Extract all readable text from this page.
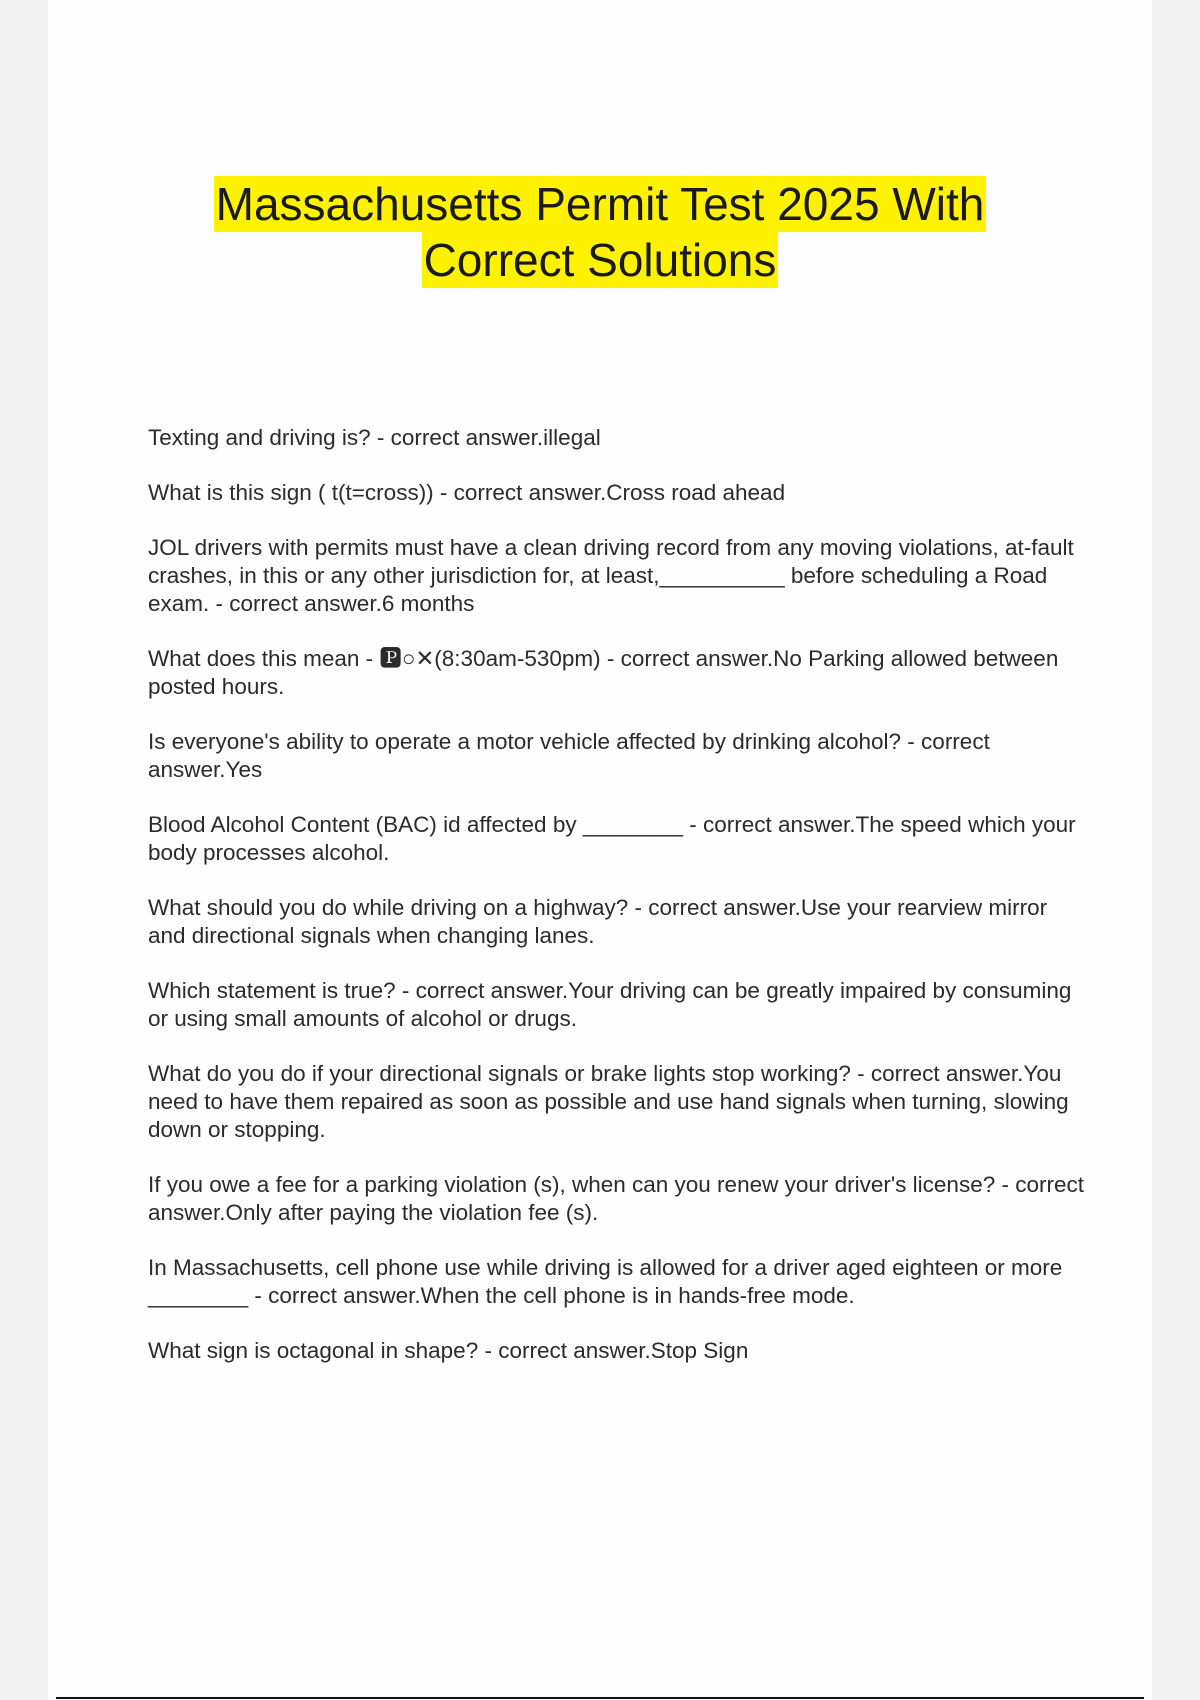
Massachusetts Permit Test 2025 With
Correct Solutions

Texting and driving is? - correct answer.illegal

What is this sign ( t(t=cross)) - correct answer.Cross road ahead

JOL drivers with permits must have a clean driving record from any moving violations, at-fault crashes, in this or any other jurisdiction for, at least,__________ before scheduling a Road exam. - correct answer.6 months

What does this mean - 🅿○✕(8:30am-530pm) - correct answer.No Parking allowed between posted hours.

Is everyone's ability to operate a motor vehicle affected by drinking alcohol? - correct answer.Yes

Blood Alcohol Content (BAC) id affected by ________ - correct answer.The speed which your body processes alcohol.

What should you do while driving on a highway? - correct answer.Use your rearview mirror and directional signals when changing lanes.

Which statement is true? - correct answer.Your driving can be greatly impaired by consuming or using small amounts of alcohol or drugs.

What do you do if your directional signals or brake lights stop working? - correct answer.You need to have them repaired as soon as possible and use hand signals when turning, slowing down or stopping.

If you owe a fee for a parking violation (s), when can you renew your driver's license? - correct answer.Only after paying the violation fee (s).

In Massachusetts, cell phone use while driving is allowed for a driver aged eighteen or more ________ - correct answer.When the cell phone is in hands-free mode.

What sign is octagonal in shape? - correct answer.Stop Sign
